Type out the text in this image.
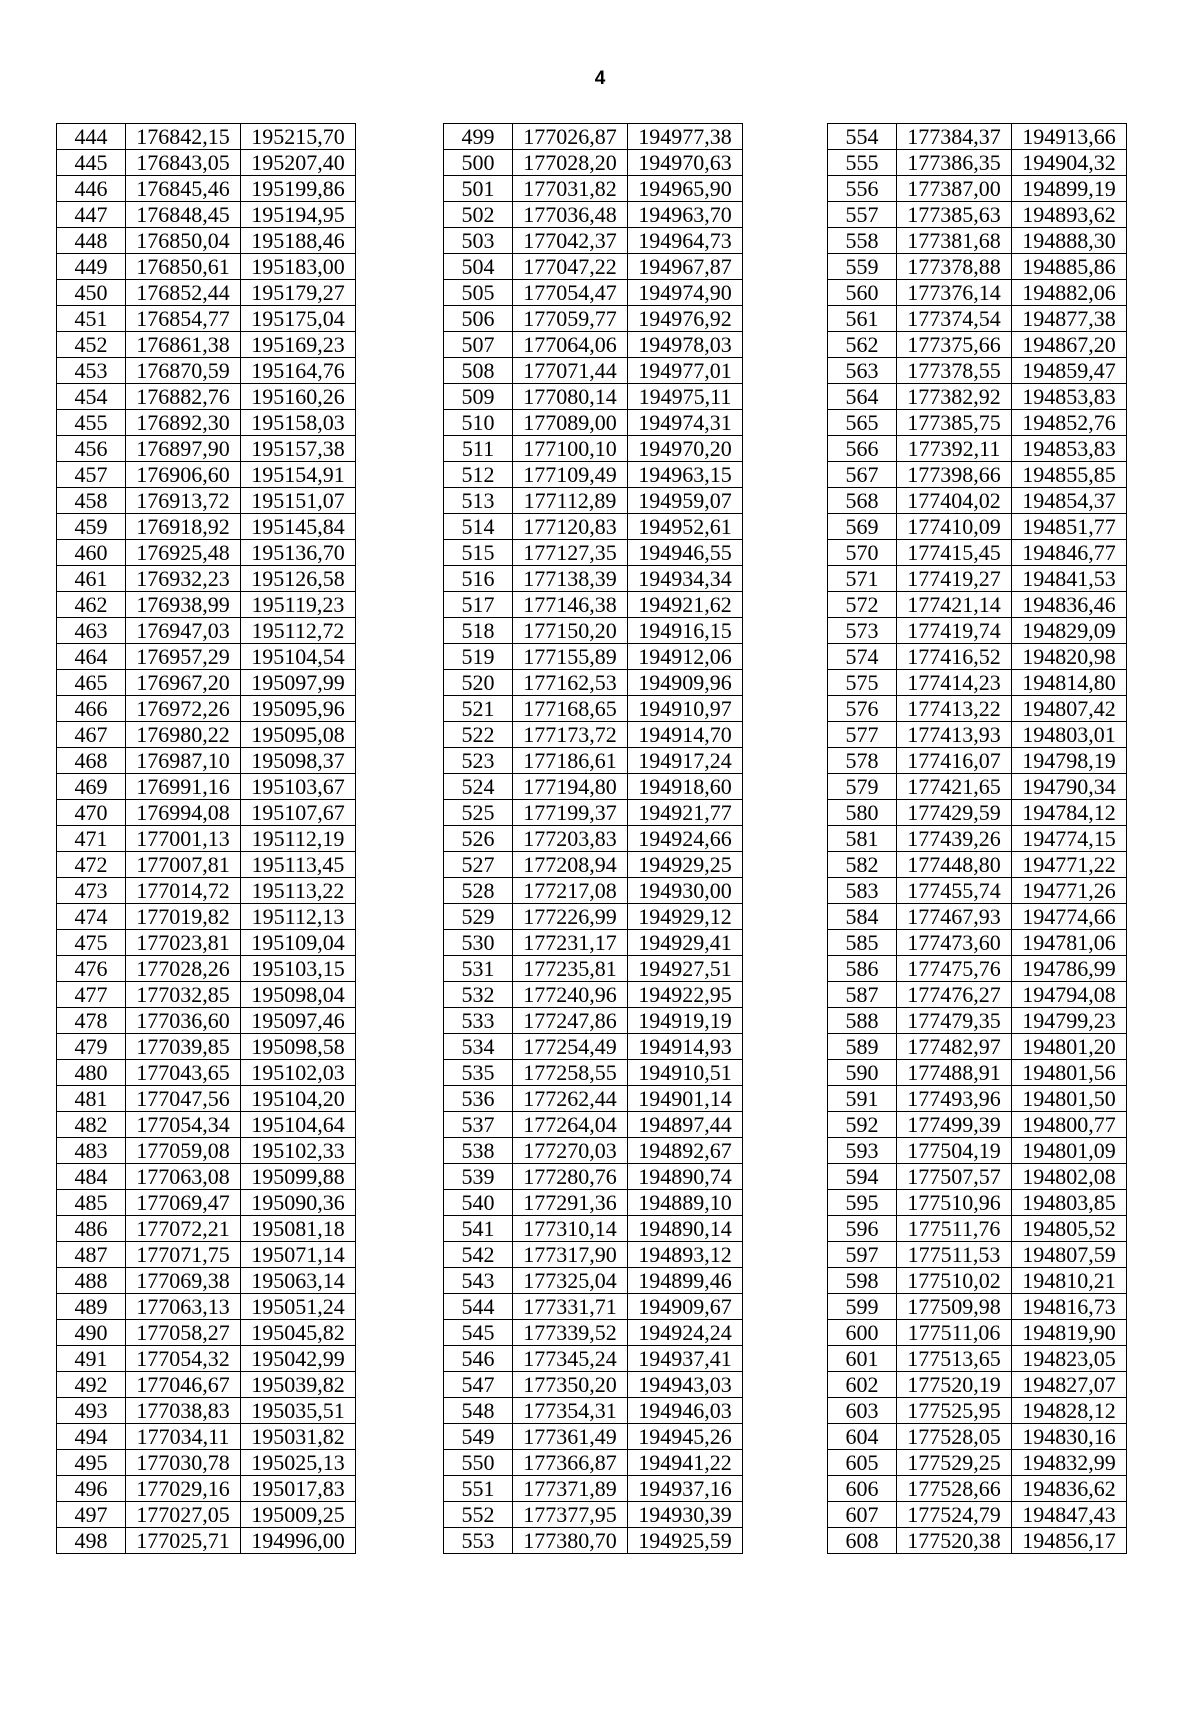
4
444	176842,15	195215,70
445	176843,05	195207,40
446	176845,46	195199,86
447	176848,45	195194,95
448	176850,04	195188,46
449	176850,61	195183,00
450	176852,44	195179,27
451	176854,77	195175,04
452	176861,38	195169,23
453	176870,59	195164,76
454	176882,76	195160,26
455	176892,30	195158,03
456	176897,90	195157,38
457	176906,60	195154,91
458	176913,72	195151,07
459	176918,92	195145,84
460	176925,48	195136,70
461	176932,23	195126,58
462	176938,99	195119,23
463	176947,03	195112,72
464	176957,29	195104,54
465	176967,20	195097,99
466	176972,26	195095,96
467	176980,22	195095,08
468	176987,10	195098,37
469	176991,16	195103,67
470	176994,08	195107,67
471	177001,13	195112,19
472	177007,81	195113,45
473	177014,72	195113,22
474	177019,82	195112,13
475	177023,81	195109,04
476	177028,26	195103,15
477	177032,85	195098,04
478	177036,60	195097,46
479	177039,85	195098,58
480	177043,65	195102,03
481	177047,56	195104,20
482	177054,34	195104,64
483	177059,08	195102,33
484	177063,08	195099,88
485	177069,47	195090,36
486	177072,21	195081,18
487	177071,75	195071,14
488	177069,38	195063,14
489	177063,13	195051,24
490	177058,27	195045,82
491	177054,32	195042,99
492	177046,67	195039,82
493	177038,83	195035,51
494	177034,11	195031,82
495	177030,78	195025,13
496	177029,16	195017,83
497	177027,05	195009,25
498	177025,71	194996,00
499	177026,87	194977,38
500	177028,20	194970,63
501	177031,82	194965,90
502	177036,48	194963,70
503	177042,37	194964,73
504	177047,22	194967,87
505	177054,47	194974,90
506	177059,77	194976,92
507	177064,06	194978,03
508	177071,44	194977,01
509	177080,14	194975,11
510	177089,00	194974,31
511	177100,10	194970,20
512	177109,49	194963,15
513	177112,89	194959,07
514	177120,83	194952,61
515	177127,35	194946,55
516	177138,39	194934,34
517	177146,38	194921,62
518	177150,20	194916,15
519	177155,89	194912,06
520	177162,53	194909,96
521	177168,65	194910,97
522	177173,72	194914,70
523	177186,61	194917,24
524	177194,80	194918,60
525	177199,37	194921,77
526	177203,83	194924,66
527	177208,94	194929,25
528	177217,08	194930,00
529	177226,99	194929,12
530	177231,17	194929,41
531	177235,81	194927,51
532	177240,96	194922,95
533	177247,86	194919,19
534	177254,49	194914,93
535	177258,55	194910,51
536	177262,44	194901,14
537	177264,04	194897,44
538	177270,03	194892,67
539	177280,76	194890,74
540	177291,36	194889,10
541	177310,14	194890,14
542	177317,90	194893,12
543	177325,04	194899,46
544	177331,71	194909,67
545	177339,52	194924,24
546	177345,24	194937,41
547	177350,20	194943,03
548	177354,31	194946,03
549	177361,49	194945,26
550	177366,87	194941,22
551	177371,89	194937,16
552	177377,95	194930,39
553	177380,70	194925,59
554	177384,37	194913,66
555	177386,35	194904,32
556	177387,00	194899,19
557	177385,63	194893,62
558	177381,68	194888,30
559	177378,88	194885,86
560	177376,14	194882,06
561	177374,54	194877,38
562	177375,66	194867,20
563	177378,55	194859,47
564	177382,92	194853,83
565	177385,75	194852,76
566	177392,11	194853,83
567	177398,66	194855,85
568	177404,02	194854,37
569	177410,09	194851,77
570	177415,45	194846,77
571	177419,27	194841,53
572	177421,14	194836,46
573	177419,74	194829,09
574	177416,52	194820,98
575	177414,23	194814,80
576	177413,22	194807,42
577	177413,93	194803,01
578	177416,07	194798,19
579	177421,65	194790,34
580	177429,59	194784,12
581	177439,26	194774,15
582	177448,80	194771,22
583	177455,74	194771,26
584	177467,93	194774,66
585	177473,60	194781,06
586	177475,76	194786,99
587	177476,27	194794,08
588	177479,35	194799,23
589	177482,97	194801,20
590	177488,91	194801,56
591	177493,96	194801,50
592	177499,39	194800,77
593	177504,19	194801,09
594	177507,57	194802,08
595	177510,96	194803,85
596	177511,76	194805,52
597	177511,53	194807,59
598	177510,02	194810,21
599	177509,98	194816,73
600	177511,06	194819,90
601	177513,65	194823,05
602	177520,19	194827,07
603	177525,95	194828,12
604	177528,05	194830,16
605	177529,25	194832,99
606	177528,66	194836,62
607	177524,79	194847,43
608	177520,38	194856,17
